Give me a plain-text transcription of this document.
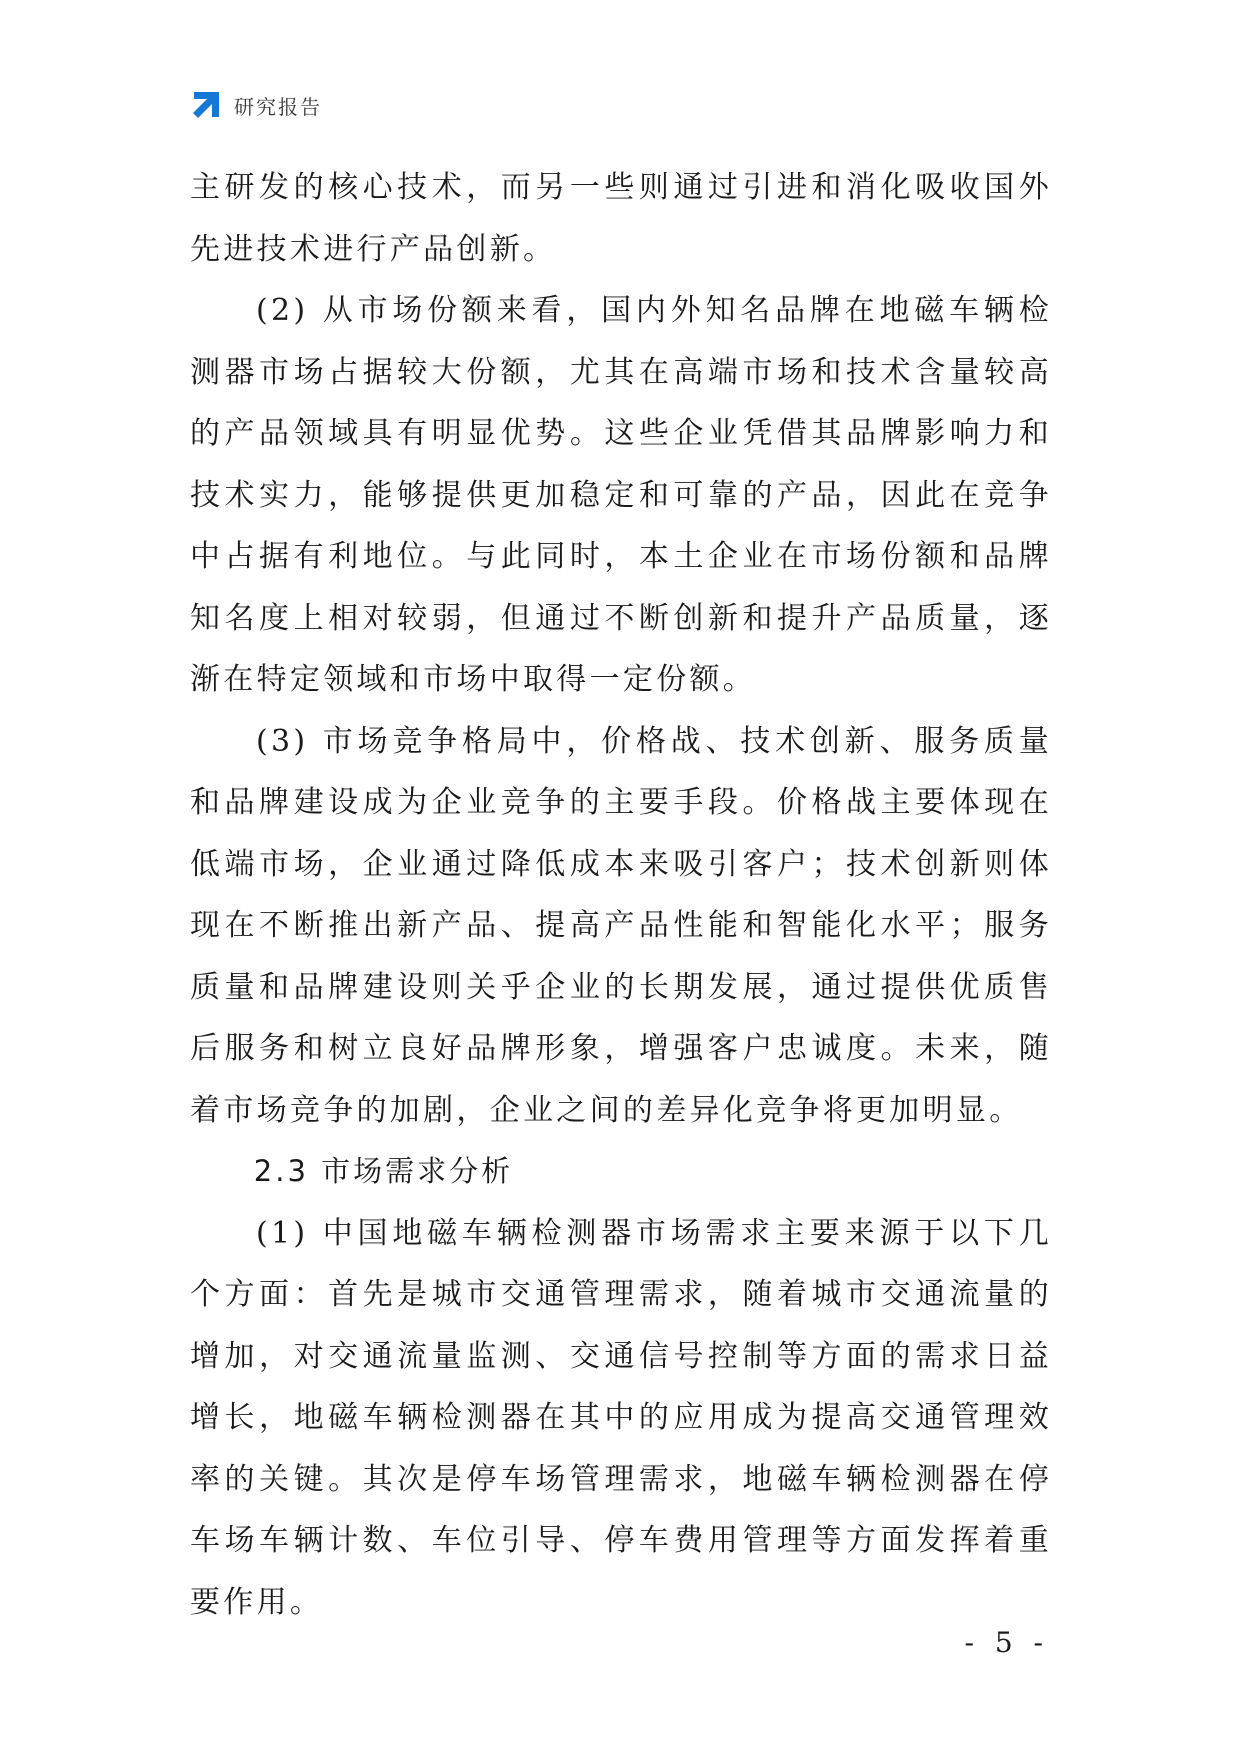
研究报告

主研发的核心技术，而另一些则通过引进和消化吸收国外先进技术进行产品创新。

(2) 从市场份额来看，国内外知名品牌在地磁车辆检测器市场占据较大份额，尤其在高端市场和技术含量较高的产品领域具有明显优势。这些企业凭借其品牌影响力和技术实力，能够提供更加稳定和可靠的产品，因此在竞争中占据有利地位。与此同时，本土企业在市场份额和品牌知名度上相对较弱，但通过不断创新和提升产品质量，逐渐在特定领域和市场中取得一定份额。

(3) 市场竞争格局中，价格战、技术创新、服务质量和品牌建设成为企业竞争的主要手段。价格战主要体现在低端市场，企业通过降低成本来吸引客户；技术创新则体现在不断推出新产品、提高产品性能和智能化水平；服务质量和品牌建设则关乎企业的长期发展，通过提供优质售后服务和树立良好品牌形象，增强客户忠诚度。未来，随着市场竞争的加剧，企业之间的差异化竞争将更加明显。

2.3 市场需求分析

(1) 中国地磁车辆检测器市场需求主要来源于以下几个方面：首先是城市交通管理需求，随着城市交通流量的增加，对交通流量监测、交通信号控制等方面的需求日益增长，地磁车辆检测器在其中的应用成为提高交通管理效率的关键。其次是停车场管理需求，地磁车辆检测器在停车场车辆计数、车位引导、停车费用管理等方面发挥着重要作用。

- 5 -
